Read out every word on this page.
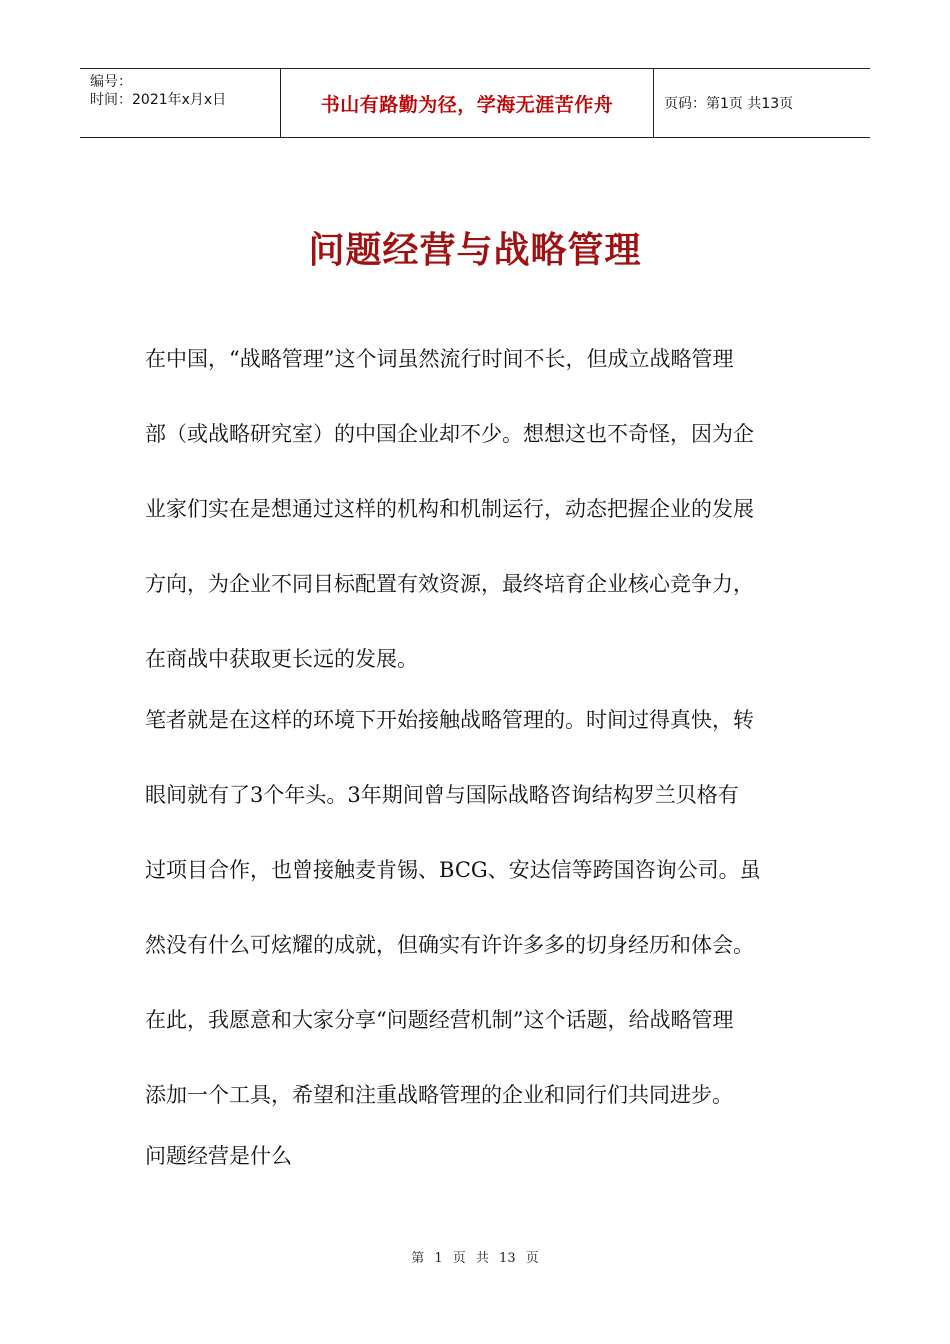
编号：
时间：2021年x月x日	书山有路勤为径，学海无涯苦作舟	页码：第1页 共13页
问题经营与战略管理

在中国，“战略管理”这个词虽然流行时间不长，但成立战略管理

部（或战略研究室）的中国企业却不少。想想这也不奇怪，因为企

业家们实在是想通过这样的机构和机制运行，动态把握企业的发展

方向，为企业不同目标配置有效资源，最终培育企业核心竞争力，

在商战中获取更长远的发展。

笔者就是在这样的环境下开始接触战略管理的。时间过得真快，转

眼间就有了3个年头。3年期间曾与国际战略咨询结构罗兰贝格有

过项目合作，也曾接触麦肯锡、BCG、安达信等跨国咨询公司。虽

然没有什么可炫耀的成就，但确实有许许多多的切身经历和体会。

在此，我愿意和大家分享“问题经营机制”这个话题，给战略管理

添加一个工具，希望和注重战略管理的企业和同行们共同进步。

问题经营是什么

第 1 页 共 13 页
